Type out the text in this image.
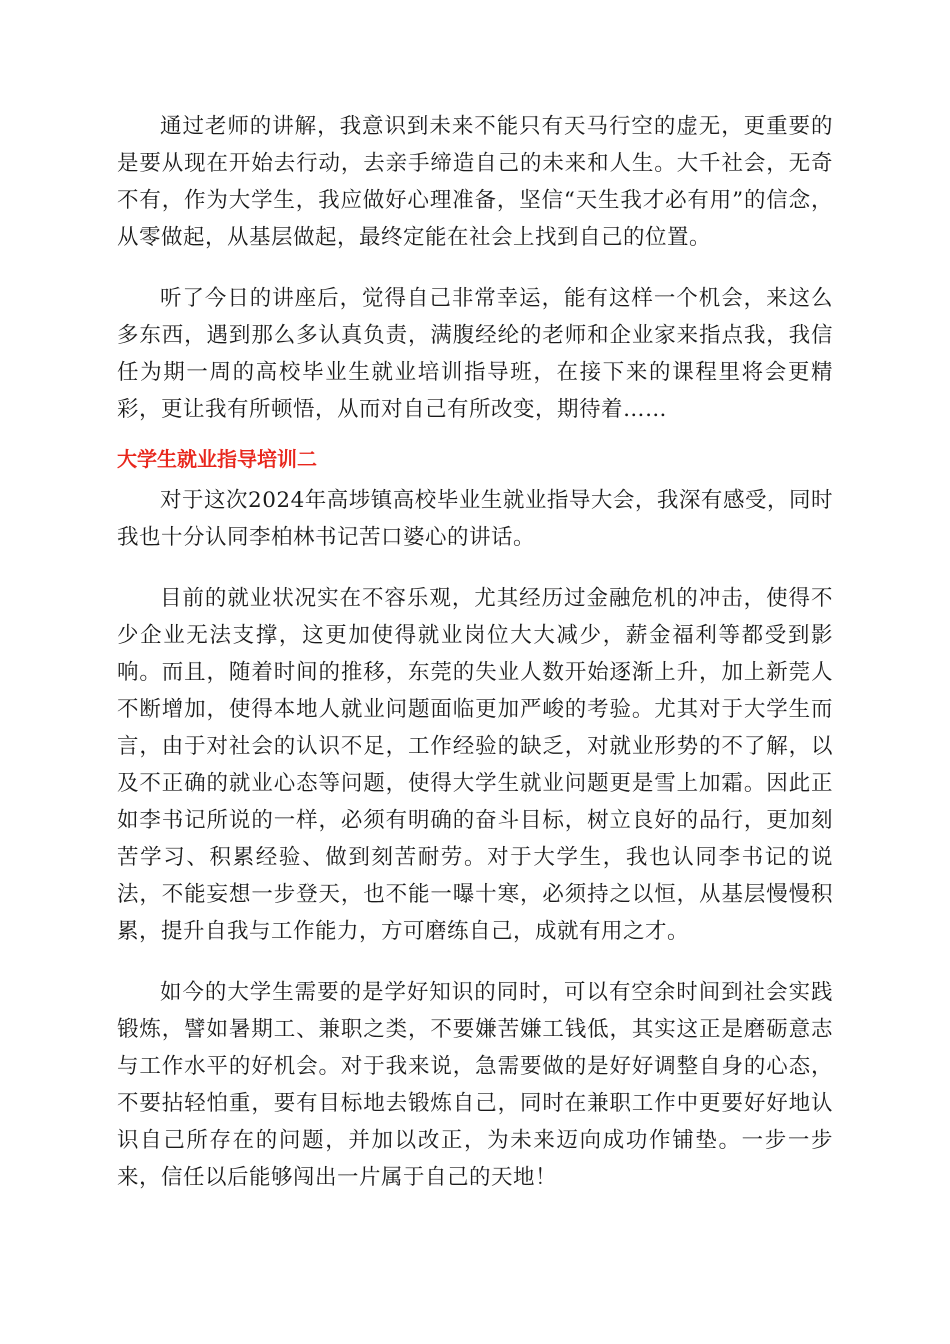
通过老师的讲解，我意识到未来不能只有天马行空的虚无，更重要的是要从现在开始去行动，去亲手缔造自己的未来和人生。大千社会，无奇不有，作为大学生，我应做好心理准备，坚信“天生我才必有用”的信念，从零做起，从基层做起，最终定能在社会上找到自己的位置。

听了今日的讲座后，觉得自己非常幸运，能有这样一个机会，来这么多东西，遇到那么多认真负责，满腹经纶的老师和企业家来指点我，我信任为期一周的高校毕业生就业培训指导班，在接下来的课程里将会更精彩，更让我有所顿悟，从而对自己有所改变，期待着……

大学生就业指导培训二

对于这次2024年高埗镇高校毕业生就业指导大会，我深有感受，同时我也十分认同李柏林书记苦口婆心的讲话。

目前的就业状况实在不容乐观，尤其经历过金融危机的冲击，使得不少企业无法支撑，这更加使得就业岗位大大减少，薪金福利等都受到影响。而且，随着时间的推移，东莞的失业人数开始逐渐上升，加上新莞人不断增加，使得本地人就业问题面临更加严峻的考验。尤其对于大学生而言，由于对社会的认识不足，工作经验的缺乏，对就业形势的不了解，以及不正确的就业心态等问题，使得大学生就业问题更是雪上加霜。因此正如李书记所说的一样，必须有明确的奋斗目标，树立良好的品行，更加刻苦学习、积累经验、做到刻苦耐劳。对于大学生，我也认同李书记的说法，不能妄想一步登天，也不能一曝十寒，必须持之以恒，从基层慢慢积累，提升自我与工作能力，方可磨练自己，成就有用之才。

如今的大学生需要的是学好知识的同时，可以有空余时间到社会实践锻炼，譬如暑期工、兼职之类，不要嫌苦嫌工钱低，其实这正是磨砺意志与工作水平的好机会。对于我来说，急需要做的是好好调整自身的心态，不要拈轻怕重，要有目标地去锻炼自己，同时在兼职工作中更要好好地认识自己所存在的问题，并加以改正，为未来迈向成功作铺垫。一步一步来，信任以后能够闯出一片属于自己的天地！
